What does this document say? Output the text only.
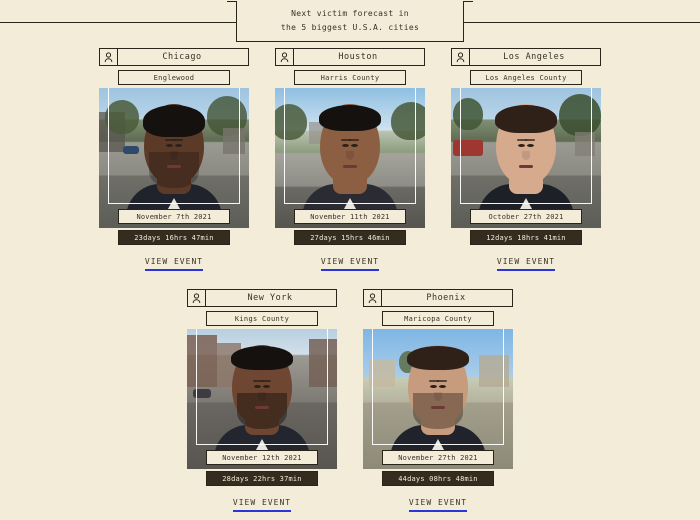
Next victim forecast in
the 5 biggest U.S.A. cities
Chicago
Englewood
November 7th 2021
23days 16hrs 47min
VIEW EVENT
Houston
Harris County
November 11th 2021
27days 15hrs 46min
VIEW EVENT
Los Angeles
Los Angeles County
October 27th 2021
12days 18hrs 41min
VIEW EVENT
New York
Kings County
November 12th 2021
28days 22hrs 37min
VIEW EVENT
Phoenix
Maricopa County
November 27th 2021
44days 08hrs 48min
VIEW EVENT
